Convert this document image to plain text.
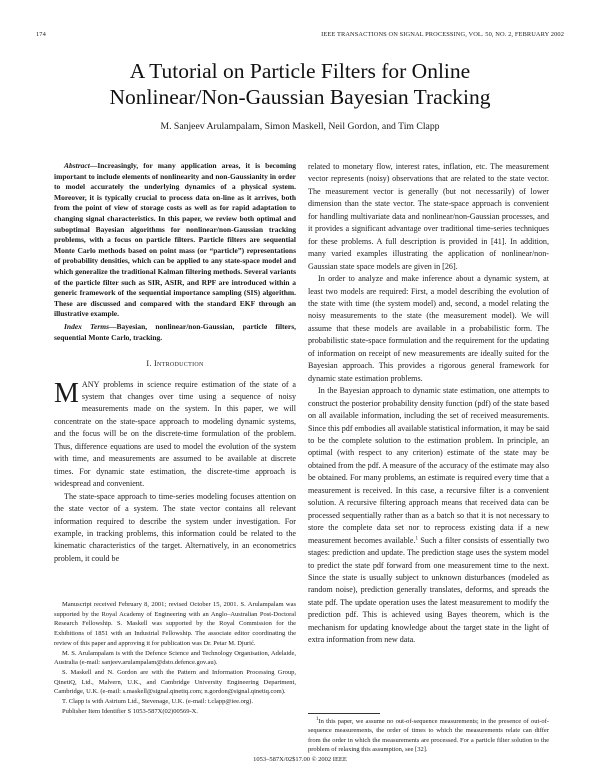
174	IEEE TRANSACTIONS ON SIGNAL PROCESSING, VOL. 50, NO. 2, FEBRUARY 2002
A Tutorial on Particle Filters for Online
Nonlinear/Non-Gaussian Bayesian Tracking
M. Sanjeev Arulampalam, Simon Maskell, Neil Gordon, and Tim Clapp

Abstract—Increasingly, for many application areas, it is becoming important to include elements of nonlinearity and non-Gaussianity in order to model accurately the underlying dynamics of a physical system. Moreover, it is typically crucial to process data on-line as it arrives, both from the point of view of storage costs as well as for rapid adaptation to changing signal characteristics. In this paper, we review both optimal and suboptimal Bayesian algorithms for nonlinear/non-Gaussian tracking problems, with a focus on particle filters. Particle filters are sequential Monte Carlo methods based on point mass (or “particle”) representations of probability densities, which can be applied to any state-space model and which generalize the traditional Kalman filtering methods. Several variants of the particle filter such as SIR, ASIR, and RPF are introduced within a generic framework of the sequential importance sampling (SIS) algorithm. These are discussed and compared with the standard EKF through an illustrative example.

Index Terms—Bayesian, nonlinear/non-Gaussian, particle filters, sequential Monte Carlo, tracking.

I. Introduction

MANY problems in science require estimation of the state of a system that changes over time using a sequence of noisy measurements made on the system. In this paper, we will concentrate on the state-space approach to modeling dynamic systems, and the focus will be on the discrete-time formulation of the problem. Thus, difference equations are used to model the evolution of the system with time, and measurements are assumed to be available at discrete times. For dynamic state estimation, the discrete-time approach is widespread and convenient.

The state-space approach to time-series modeling focuses attention on the state vector of a system. The state vector contains all relevant information required to describe the system under investigation. For example, in tracking problems, this information could be related to the kinematic characteristics of the target. Alternatively, in an econometrics problem, it could be

Manuscript received February 8, 2001; revised October 15, 2001. S. Arulampalam was supported by the Royal Academy of Engineering with an Anglo–Australian Post-Doctoral Research Fellowship. S. Maskell was supported by the Royal Commission for the Exhibitions of 1851 with an Industrial Fellowship. The associate editor coordinating the review of this paper and approving it for publication was Dr. Petar M. Djurić.

M. S. Arulampalam is with the Defence Science and Technology Organisation, Adelaide, Australia (e-mail: sanjeev.arulampalam@dsto.defence.gov.au).

S. Maskell and N. Gordon are with the Pattern and Information Processing Group, QinetiQ, Ltd., Malvern, U.K., and Cambridge University Engineering Department, Cambridge, U.K. (e-mail: s.maskell@signal.qinetiq.com; n.gordon@signal.qinetiq.com).

T. Clapp is with Astrium Ltd., Stevenage, U.K. (e-mail: t.clapp@iee.org).

Publisher Item Identifier S 1053-587X(02)00569-X.

related to monetary flow, interest rates, inflation, etc. The measurement vector represents (noisy) observations that are related to the state vector. The measurement vector is generally (but not necessarily) of lower dimension than the state vector. The state-space approach is convenient for handling multivariate data and nonlinear/non-Gaussian processes, and it provides a significant advantage over traditional time-series techniques for these problems. A full description is provided in [41]. In addition, many varied examples illustrating the application of nonlinear/non-Gaussian state space models are given in [26].

In order to analyze and make inference about a dynamic system, at least two models are required: First, a model describing the evolution of the state with time (the system model) and, second, a model relating the noisy measurements to the state (the measurement model). We will assume that these models are available in a probabilistic form. The probabilistic state-space formulation and the requirement for the updating of information on receipt of new measurements are ideally suited for the Bayesian approach. This provides a rigorous general framework for dynamic state estimation problems.

In the Bayesian approach to dynamic state estimation, one attempts to construct the posterior probability density function (pdf) of the state based on all available information, including the set of received measurements. Since this pdf embodies all available statistical information, it may be said to be the complete solution to the estimation problem. In principle, an optimal (with respect to any criterion) estimate of the state may be obtained from the pdf. A measure of the accuracy of the estimate may also be obtained. For many problems, an estimate is required every time that a measurement is received. In this case, a recursive filter is a convenient solution. A recursive filtering approach means that received data can be processed sequentially rather than as a batch so that it is not necessary to store the complete data set nor to reprocess existing data if a new measurement becomes available.$^1$ Such a filter consists of essentially two stages: prediction and update. The prediction stage uses the system model to predict the state pdf forward from one measurement time to the next. Since the state is usually subject to unknown disturbances (modeled as random noise), prediction generally translates, deforms, and spreads the state pdf. The update operation uses the latest measurement to modify the prediction pdf. This is achieved using Bayes theorem, which is the mechanism for updating knowledge about the target state in the light of extra information from new data.

$^1$In this paper, we assume no out-of-sequence measurements; in the presence of out-of-sequence measurements, the order of times to which the measurements relate can differ from the order in which the measurements are processed. For a particle filter solution to the problem of relaxing this assumption, see [32].

1053–587X/02$17.00 © 2002 IEEE
